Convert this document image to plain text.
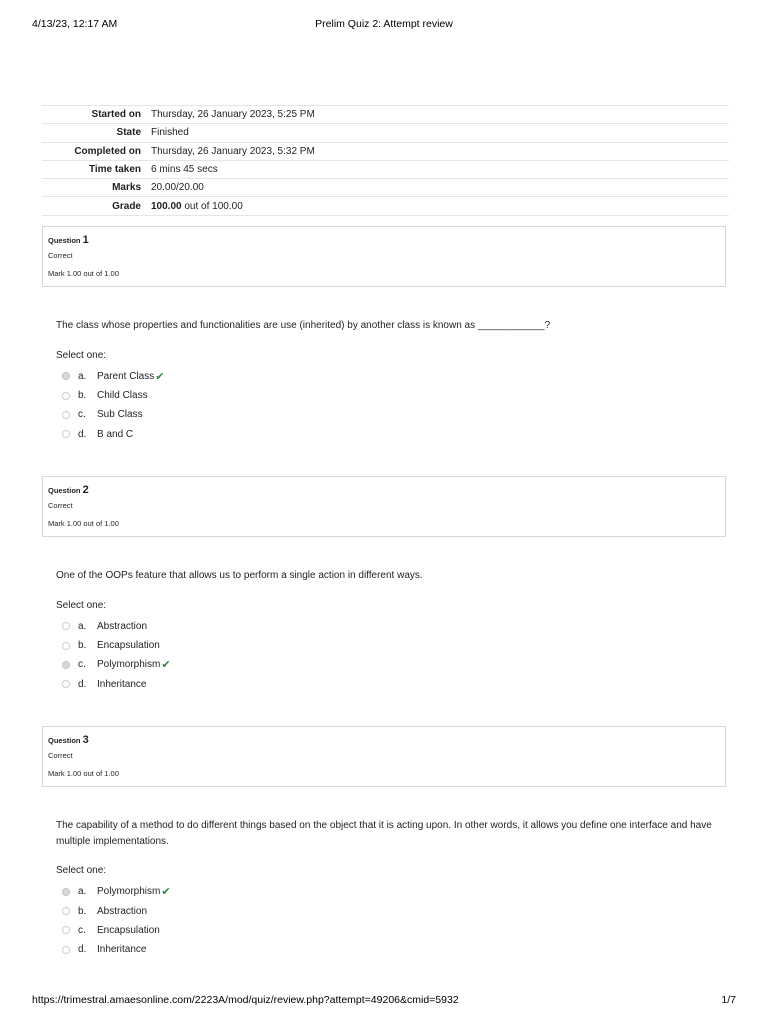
4/13/23, 12:17 AM	Prelim Quiz 2: Attempt review
Started on	Thursday, 26 January 2023, 5:25 PM
State	Finished
Completed on	Thursday, 26 January 2023, 5:32 PM
Time taken	6 mins 45 secs
Marks	20.00/20.00
Grade	100.00 out of 100.00
Question 1
Correct
Mark 1.00 out of 1.00
The class whose properties and functionalities are use (inherited) by another class is known as ____________?
Select one:
a.	Parent Class ✔
b.	Child Class
c.	Sub Class
d.	B and C
Question 2
Correct
Mark 1.00 out of 1.00
One of the OOPs feature that allows us to perform a single action in different ways.
Select one:
a.	Abstraction
b.	Encapsulation
c.	Polymorphism ✔
d.	Inheritance
Question 3
Correct
Mark 1.00 out of 1.00
The capability of a method to do different things based on the object that it is acting upon. In other words, it allows you define one interface and have multiple implementations.
Select one:
a.	Polymorphism ✔
b.	Abstraction
c.	Encapsulation
d.	Inheritance
https://trimestral.amaesonline.com/2223A/mod/quiz/review.php?attempt=49206&cmid=5932	1/7
